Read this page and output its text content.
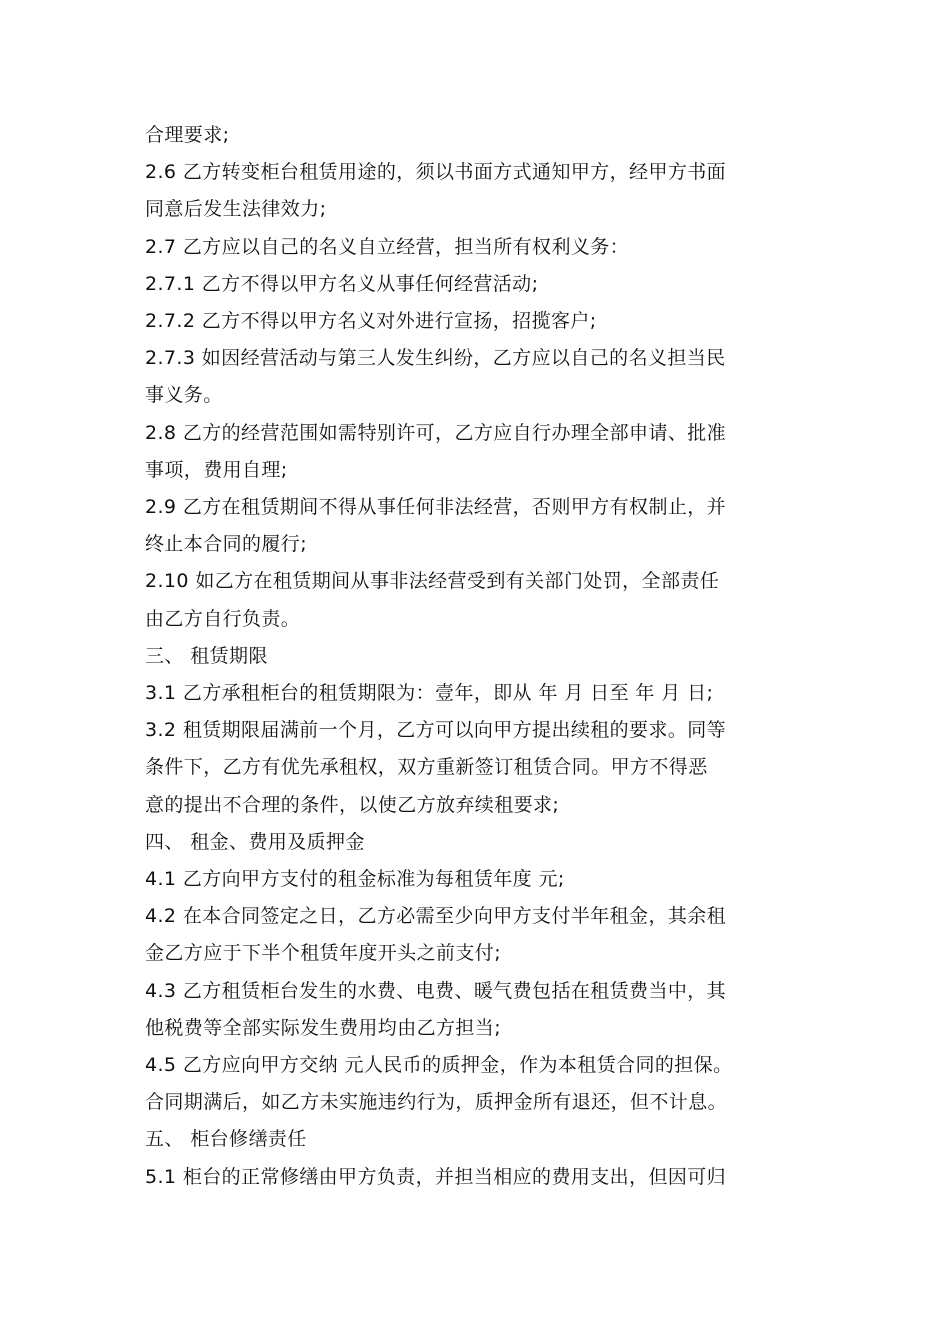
合理要求;
2.6 乙方转变柜台租赁用途的，须以书面方式通知甲方，经甲方书面
同意后发生法律效力;
2.7 乙方应以自己的名义自立经营，担当所有权利义务：
2.7.1 乙方不得以甲方名义从事任何经营活动;
2.7.2 乙方不得以甲方名义对外进行宣扬，招揽客户;
2.7.3 如因经营活动与第三人发生纠纷，乙方应以自己的名义担当民
事义务。
2.8 乙方的经营范围如需特别许可，乙方应自行办理全部申请、批准
事项，费用自理;
2.9 乙方在租赁期间不得从事任何非法经营，否则甲方有权制止，并
终止本合同的履行;
2.10 如乙方在租赁期间从事非法经营受到有关部门处罚，全部责任
由乙方自行负责。
三、 租赁期限
3.1 乙方承租柜台的租赁期限为：壹年，即从 年 月 日至 年 月 日;
3.2 租赁期限届满前一个月，乙方可以向甲方提出续租的要求。同等
条件下，乙方有优先承租权，双方重新签订租赁合同。甲方不得恶
意的提出不合理的条件，以使乙方放弃续租要求;
四、 租金、费用及质押金
4.1 乙方向甲方支付的租金标准为每租赁年度 元;
4.2 在本合同签定之日，乙方必需至少向甲方支付半年租金，其余租
金乙方应于下半个租赁年度开头之前支付;
4.3 乙方租赁柜台发生的水费、电费、暖气费包括在租赁费当中，其
他税费等全部实际发生费用均由乙方担当;
4.5 乙方应向甲方交纳 元人民币的质押金，作为本租赁合同的担保。
合同期满后，如乙方未实施违约行为，质押金所有退还，但不计息。
五、 柜台修缮责任
5.1 柜台的正常修缮由甲方负责，并担当相应的费用支出，但因可归
